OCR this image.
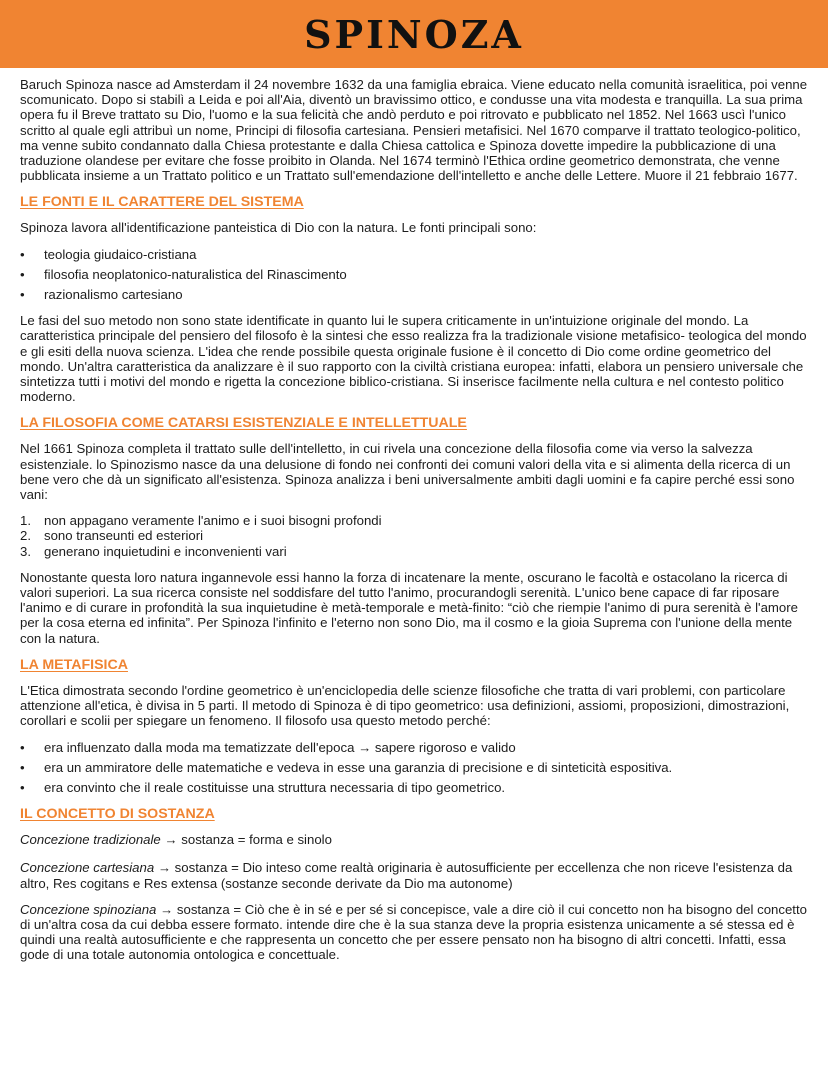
SPINOZA

Baruch Spinoza nasce ad Amsterdam il 24 novembre 1632 da una famiglia ebraica. Viene educato nella comunità israelitica, poi venne scomunicato. Dopo si stabilì a Leida e poi all'Aia, diventò un bravissimo ottico, e condusse una vita modesta e tranquilla. La sua prima opera fu il Breve trattato su Dio, l'uomo e la sua felicità che andò perduto e poi ritrovato e pubblicato nel 1852. Nel 1663 uscì l'unico scritto al quale egli attribuì un nome, Principi di filosofia cartesiana. Pensieri metafisici. Nel 1670 comparve il trattato teologico-politico, ma venne subito condannato dalla Chiesa protestante e dalla Chiesa cattolica e Spinoza dovette impedire la pubblicazione di una traduzione olandese per evitare che fosse proibito in Olanda. Nel 1674 terminò l'Ethica ordine geometrico demonstrata, che venne pubblicata insieme a un Trattato politico e un Trattato sull'emendazione dell'intelletto e anche delle Lettere. Muore il 21 febbraio 1677.

LE FONTI E IL CARATTERE DEL SISTEMA

Spinoza lavora all'identificazione panteistica di Dio con la natura. Le fonti principali sono:

• teologia giudaico-cristiana
• filosofia neoplatonico-naturalistica del Rinascimento
• razionalismo cartesiano

Le fasi del suo metodo non sono state identificate in quanto lui le supera criticamente in un'intuizione originale del mondo. La caratteristica principale del pensiero del filosofo è la sintesi che esso realizza fra la tradizionale visione metafisico- teologica del mondo e gli esiti della nuova scienza. L'idea che rende possibile questa originale fusione è il concetto di Dio come ordine geometrico del mondo. Un'altra caratteristica da analizzare è il suo rapporto con la civiltà cristiana europea: infatti, elabora un pensiero universale che sintetizza tutti i motivi del mondo e rigetta la concezione biblico-cristiana. Si inserisce facilmente nella cultura e nel contesto politico moderno.

LA FILOSOFIA COME CATARSI ESISTENZIALE E INTELLETTUALE

Nel 1661 Spinoza completa il trattato sulle dell'intelletto, in cui rivela una concezione della filosofia come via verso la salvezza esistenziale. lo Spinozismo nasce da una delusione di fondo nei confronti dei comuni valori della vita e si alimenta della ricerca di un bene vero che dà un significato all'esistenza. Spinoza analizza i beni universalmente ambiti dagli uomini e fa capire perché essi sono vani:

1. non appagano veramente l'animo e i suoi bisogni profondi
2. sono transeunti ed esteriori
3. generano inquietudini e inconvenienti vari

Nonostante questa loro natura ingannevole essi hanno la forza di incatenare la mente, oscurano le facoltà e ostacolano la ricerca di valori superiori. La sua ricerca consiste nel soddisfare del tutto l'animo, procurandogli serenità. L'unico bene capace di far riposare l'animo e di curare in profondità la sua inquietudine è metà-temporale e metà-finito: “ciò che riempie l'animo di pura serenità è l'amore per la cosa eterna ed infinita”. Per Spinoza l'infinito e l'eterno non sono Dio, ma il cosmo e la gioia Suprema con l'unione della mente con la natura.

LA METAFISICA

L'Etica dimostrata secondo l'ordine geometrico è un'enciclopedia delle scienze filosofiche che tratta di vari problemi, con particolare attenzione all'etica, è divisa in 5 parti. Il metodo di Spinoza è di tipo geometrico: usa definizioni, assiomi, proposizioni, dimostrazioni, corollari e scolii per spiegare un fenomeno. Il filosofo usa questo metodo perché:

• era influenzato dalla moda ma tematizzate dell'epoca → sapere rigoroso e valido
• era un ammiratore delle matematiche e vedeva in esse una garanzia di precisione e di sinteticità espositiva.
• era convinto che il reale costituisse una struttura necessaria di tipo geometrico.
IL CONCETTO DI SOSTANZA

Concezione tradizionale → sostanza = forma e sinolo

Concezione cartesiana → sostanza = Dio inteso come realtà originaria è autosufficiente per eccellenza che non riceve l'esistenza da altro, Res cogitans e Res extensa (sostanze seconde derivate da Dio ma autonome)

Concezione spinoziana → sostanza = Ciò che è in sé e per sé si concepisce, vale a dire ciò il cui concetto non ha bisogno del concetto di un'altra cosa da cui debba essere formato. intende dire che è la sua stanza deve la propria esistenza unicamente a sé stessa ed è quindi una realtà autosufficiente e che rappresenta un concetto che per essere pensato non ha bisogno di altri concetti. Infatti, essa gode di una totale autonomia ontologica e concettuale.
